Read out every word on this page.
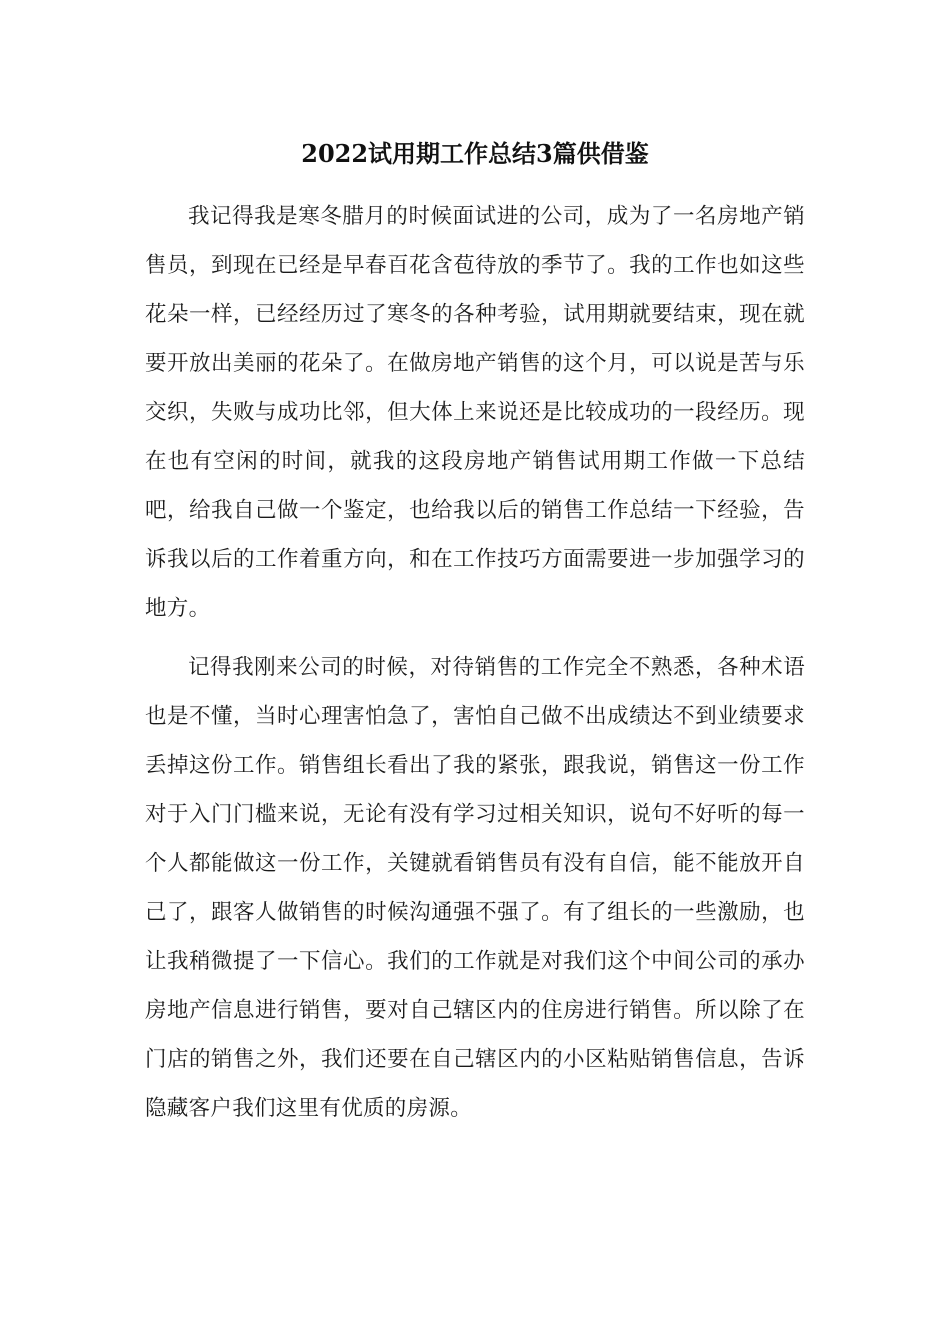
2022试用期工作总结3篇供借鉴

我记得我是寒冬腊月的时候面试进的公司，成为了一名房地产销售员，到现在已经是早春百花含苞待放的季节了。我的工作也如这些花朵一样，已经经历过了寒冬的各种考验，试用期就要结束，现在就要开放出美丽的花朵了。在做房地产销售的这个月，可以说是苦与乐交织，失败与成功比邻，但大体上来说还是比较成功的一段经历。现在也有空闲的时间，就我的这段房地产销售试用期工作做一下总结吧，给我自己做一个鉴定，也给我以后的销售工作总结一下经验，告诉我以后的工作着重方向，和在工作技巧方面需要进一步加强学习的地方。

记得我刚来公司的时候，对待销售的工作完全不熟悉，各种术语也是不懂，当时心理害怕急了，害怕自己做不出成绩达不到业绩要求丢掉这份工作。销售组长看出了我的紧张，跟我说，销售这一份工作对于入门门槛来说，无论有没有学习过相关知识，说句不好听的每一个人都能做这一份工作，关键就看销售员有没有自信，能不能放开自己了，跟客人做销售的时候沟通强不强了。有了组长的一些激励，也让我稍微提了一下信心。我们的工作就是对我们这个中间公司的承办房地产信息进行销售，要对自己辖区内的住房进行销售。所以除了在门店的销售之外，我们还要在自己辖区内的小区粘贴销售信息，告诉隐藏客户我们这里有优质的房源。
